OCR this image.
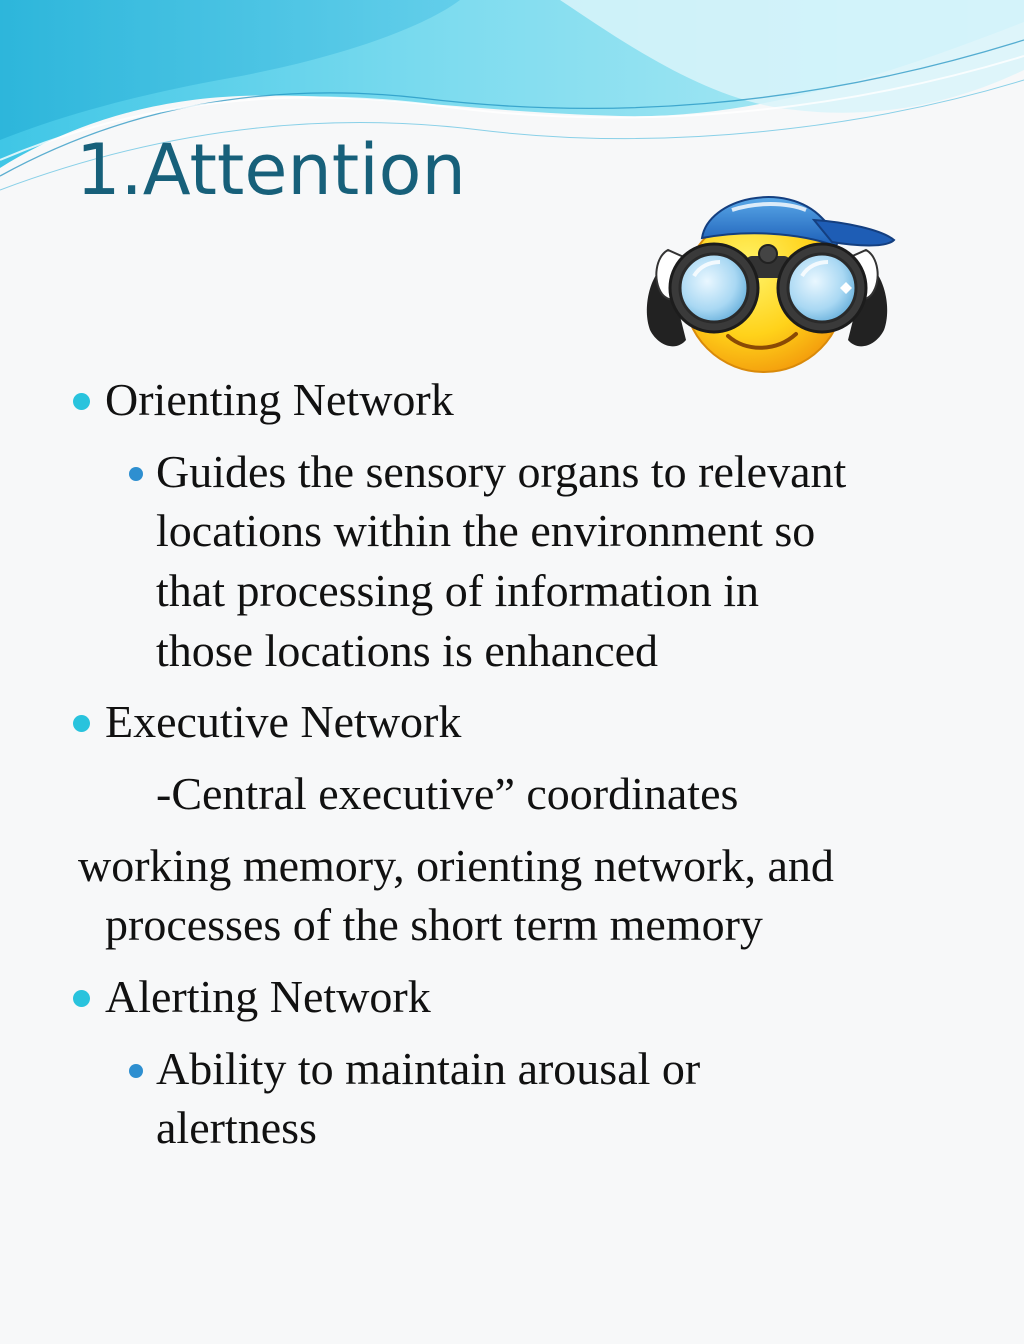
1.Attention
Orienting Network
Guides the sensory organs to relevant
locations within the environment so
that processing of information in
those locations is enhanced
Executive Network
-Central executive” coordinates
working memory, orienting network, and
processes of the short term memory
Alerting Network
Ability to maintain arousal or
alertness
